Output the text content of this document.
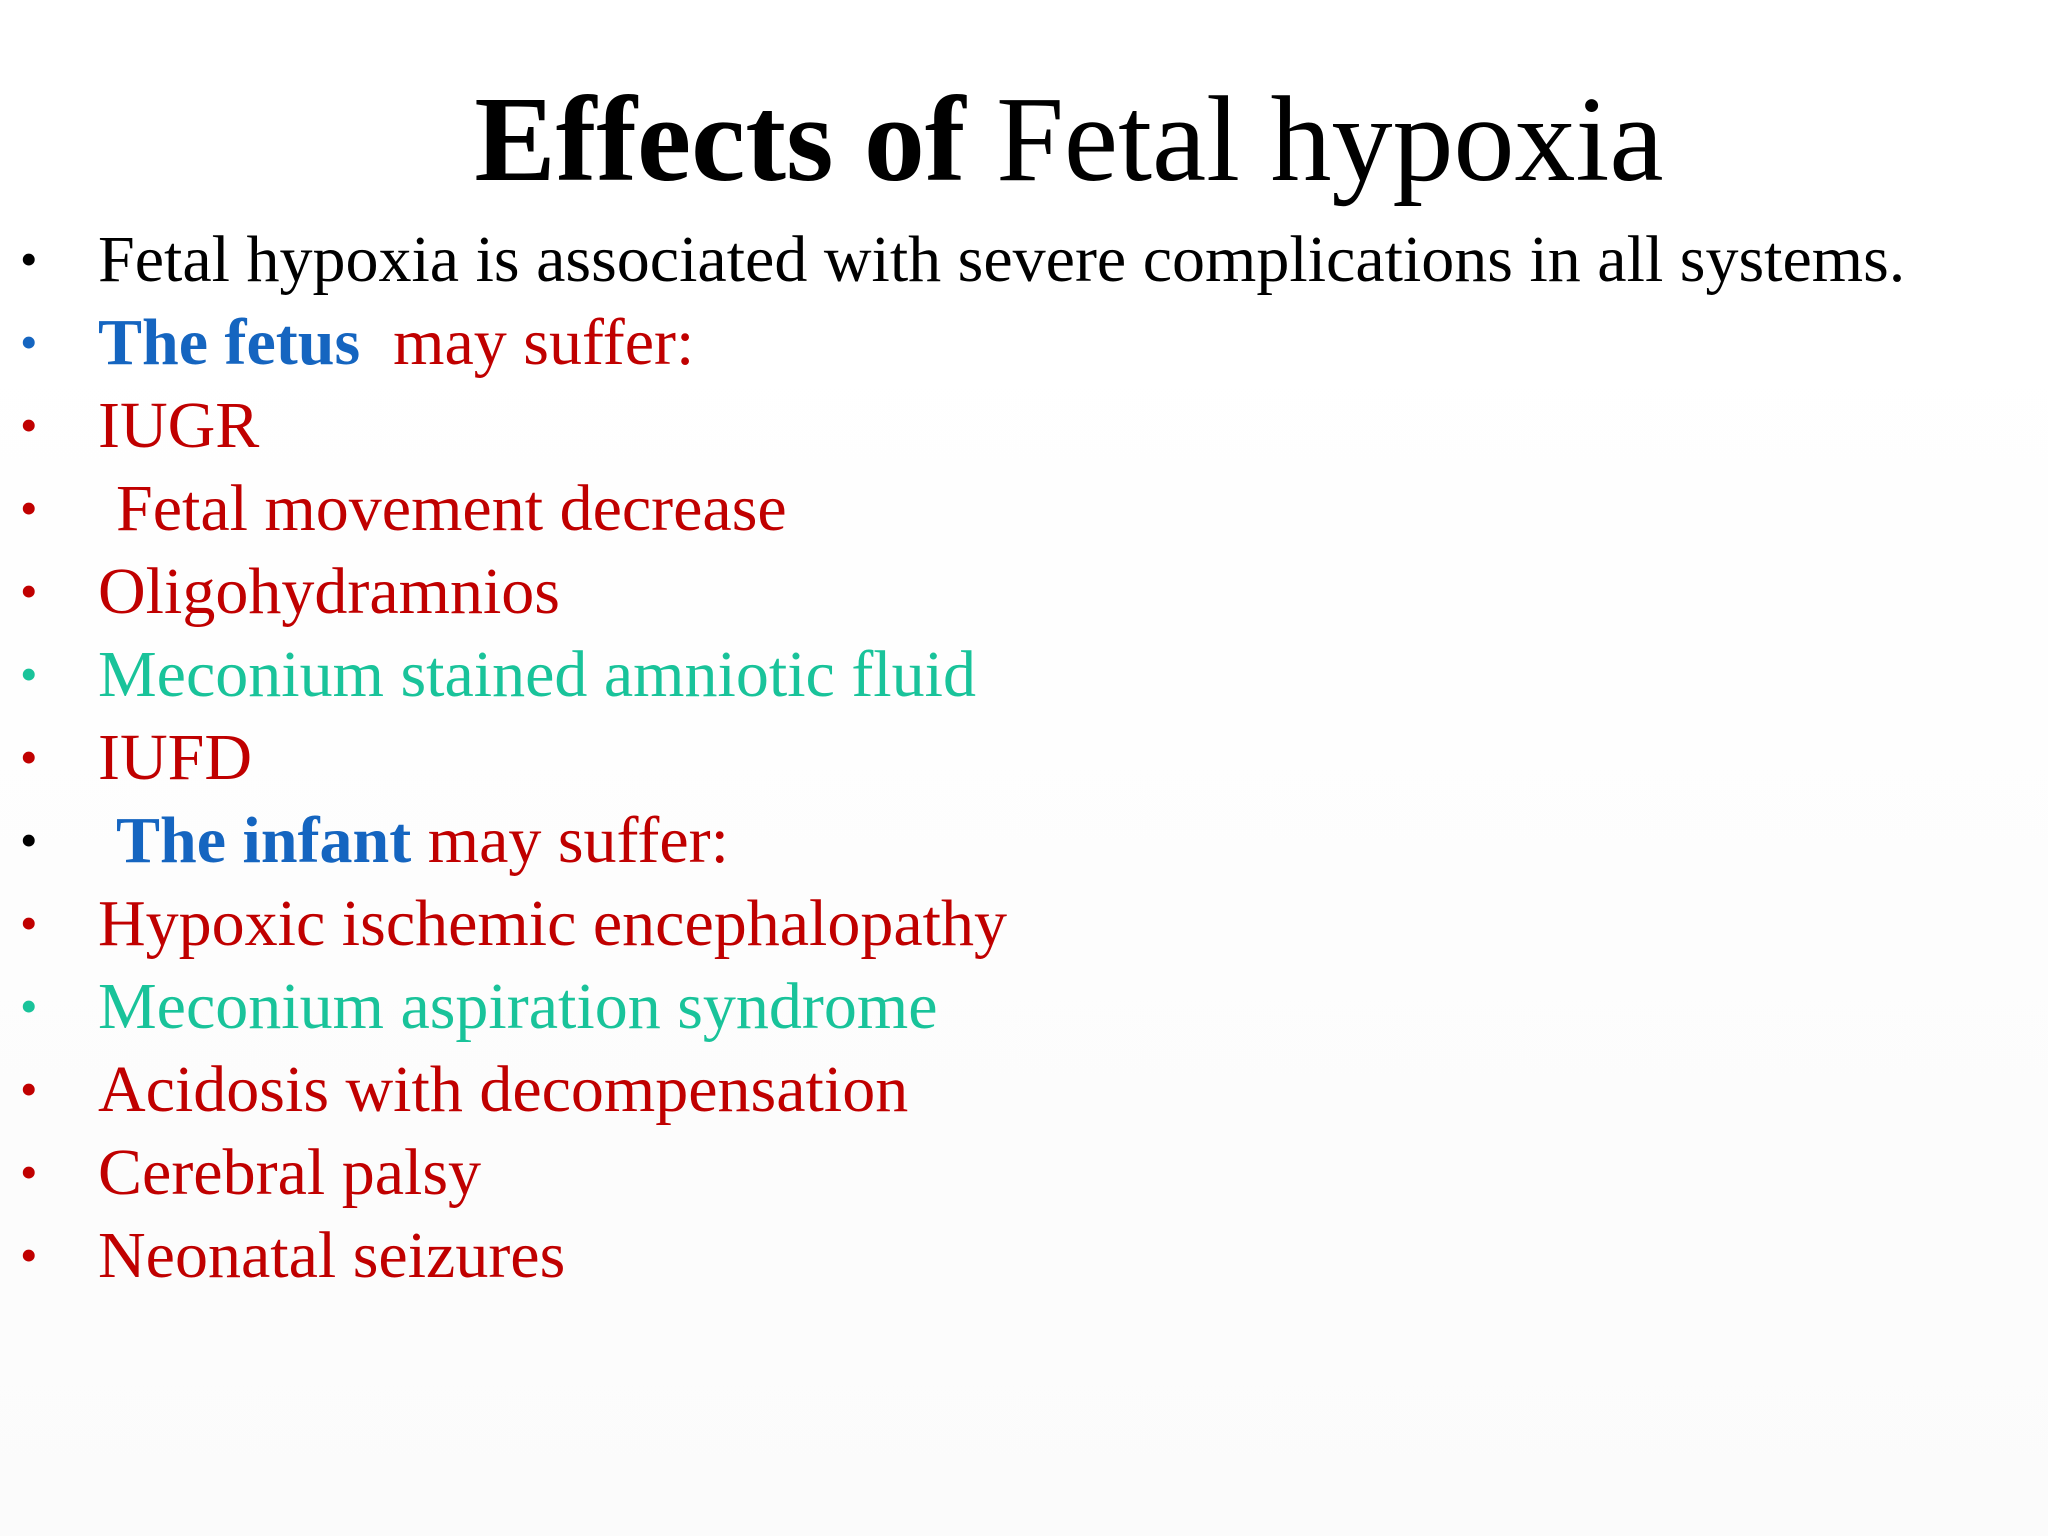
Effects of Fetal hypoxia
• Fetal hypoxia is associated with severe complications in all systems.
• The fetus  may suffer:
• IUGR
• Fetal movement decrease
• Oligohydramnios
• Meconium stained amniotic fluid
• IUFD
• The infant may suffer:
• Hypoxic ischemic encephalopathy
• Meconium aspiration syndrome
• Acidosis with decompensation
• Cerebral palsy
• Neonatal seizures
